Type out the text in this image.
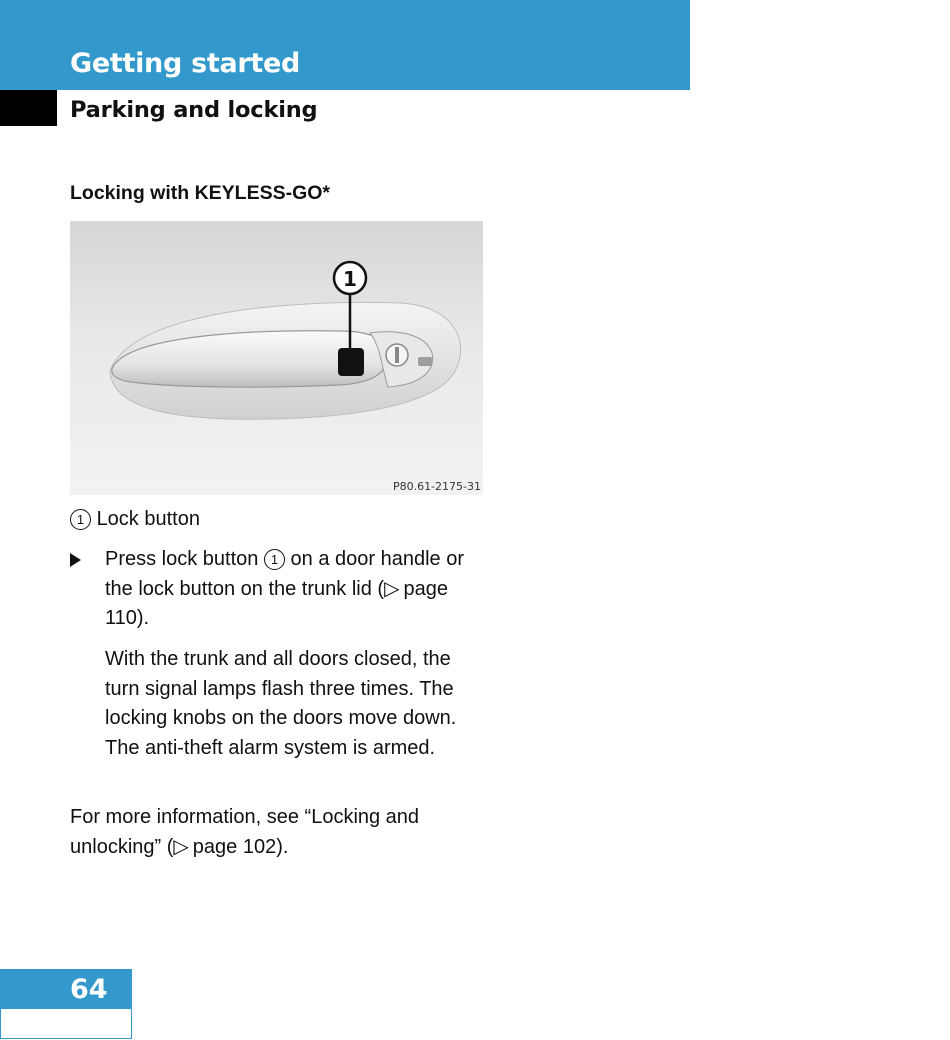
Getting started
Parking and locking
Locking with KEYLESS-GO*
1
P80.61-2175-31
1 Lock button
Press lock button 1 on a door handle or the lock button on the trunk lid (▷ page 110).
With the trunk and all doors closed, the turn signal lamps flash three times. The locking knobs on the doors move down. The anti-theft alarm system is armed.
For more information, see “Locking and unlocking” (▷ page 102).
64
